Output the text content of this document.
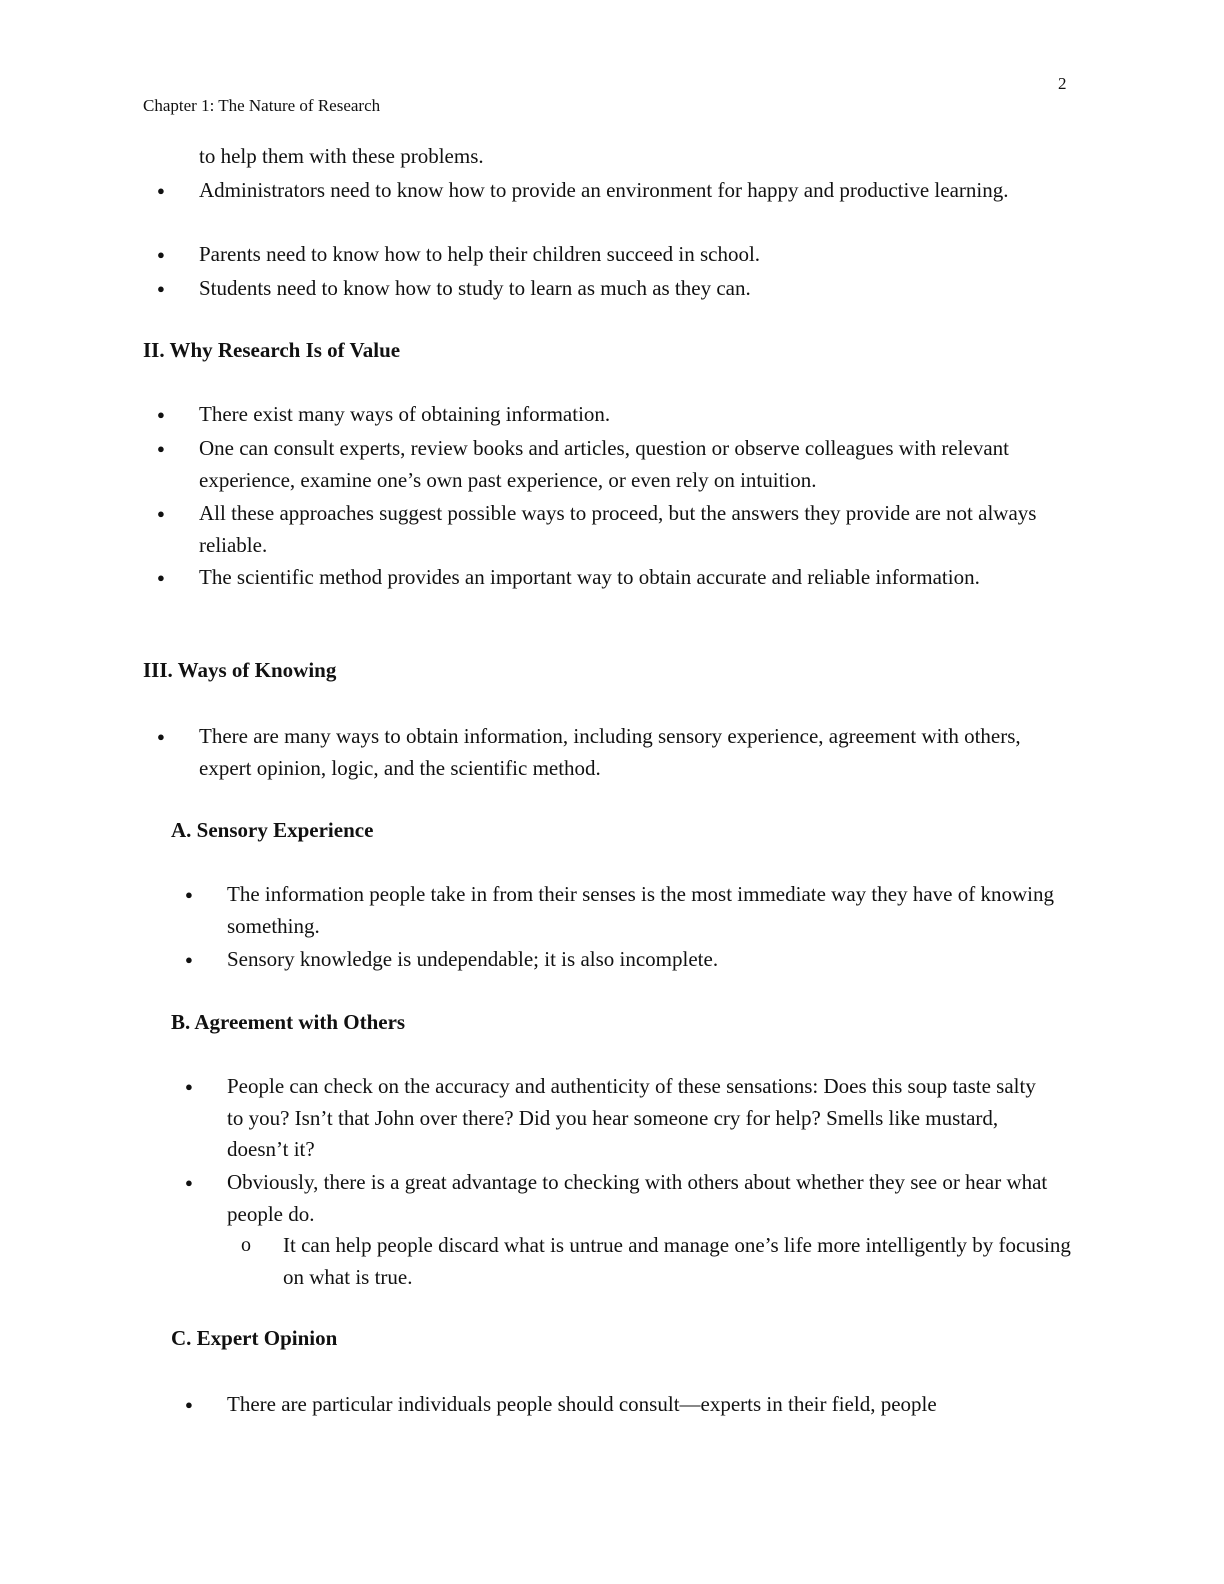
2
Chapter 1: The Nature of Research
to help them with these problems.
● Administrators need to know how to provide an environment for happy and productive learning.
● Parents need to know how to help their children succeed in school.
● Students need to know how to study to learn as much as they can.
II. Why Research Is of Value
● There exist many ways of obtaining information.
● One can consult experts, review books and articles, question or observe colleagues with relevant experience, examine one’s own past experience, or even rely on intuition.
● All these approaches suggest possible ways to proceed, but the answers they provide are not always reliable.
● The scientific method provides an important way to obtain accurate and reliable information.
III. Ways of Knowing
● There are many ways to obtain information, including sensory experience, agreement with others, expert opinion, logic, and the scientific method.
A. Sensory Experience
● The information people take in from their senses is the most immediate way they have of knowing something.
● Sensory knowledge is undependable; it is also incomplete.
B. Agreement with Others
● People can check on the accuracy and authenticity of these sensations: Does this soup taste salty to you? Isn’t that John over there? Did you hear someone cry for help? Smells like mustard, doesn’t it?
● Obviously, there is a great advantage to checking with others about whether they see or hear what people do.
o It can help people discard what is untrue and manage one’s life more intelligently by focusing on what is true.
C. Expert Opinion
● There are particular individuals people should consult—experts in their field, people
